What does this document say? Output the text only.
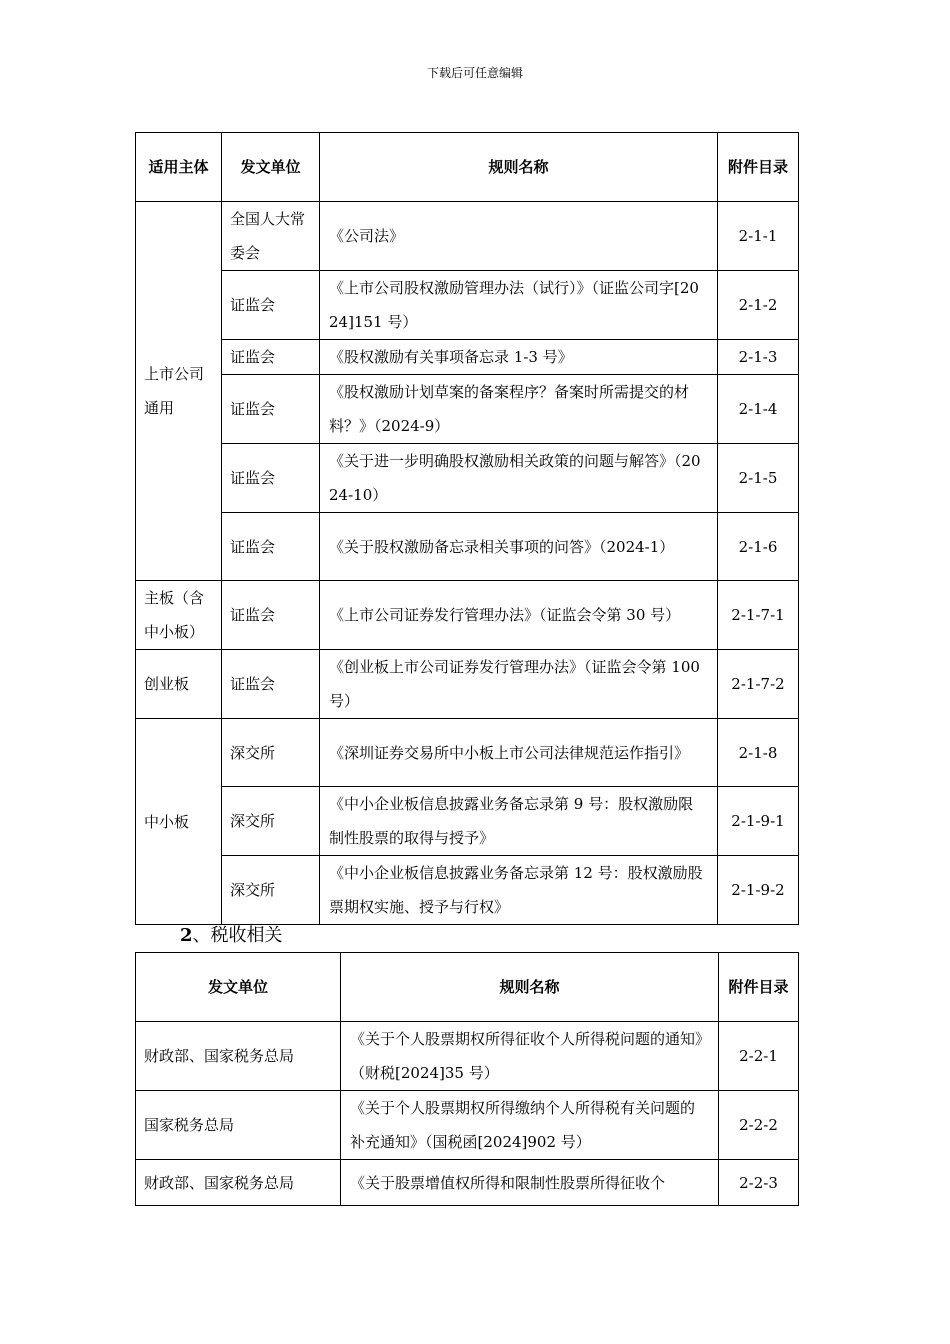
下载后可任意编辑
适用主体	发文单位	规则名称	附件目录
上市公司通用	全国人大常委会	《公司法》	2-1-1
	证监会	《上市公司股权激励管理办法（试行）》（证监公司字[2024]151 号）	2-1-2
	证监会	《股权激励有关事项备忘录 1-3 号》	2-1-3
	证监会	《股权激励计划草案的备案程序？备案时所需提交的材料？》（2024-9）	2-1-4
	证监会	《关于进一步明确股权激励相关政策的问题与解答》（2024-10）	2-1-5
	证监会	《关于股权激励备忘录相关事项的问答》（2024-1）	2-1-6
主板（含中小板）	证监会	《上市公司证券发行管理办法》（证监会令第 30 号）	2-1-7-1
创业板	证监会	《创业板上市公司证券发行管理办法》（证监会令第 100 号）	2-1-7-2
中小板	深交所	《深圳证券交易所中小板上市公司法律规范运作指引》	2-1-8
	深交所	《中小企业板信息披露业务备忘录第 9 号：股权激励限制性股票的取得与授予》	2-1-9-1
	深交所	《中小企业板信息披露业务备忘录第 12 号：股权激励股票期权实施、授予与行权》	2-1-9-2
2、税收相关
发文单位	规则名称	附件目录
财政部、国家税务总局	《关于个人股票期权所得征收个人所得税问题的通知》（财税[2024]35 号）	2-2-1
国家税务总局	《关于个人股票期权所得缴纳个人所得税有关问题的补充通知》（国税函[2024]902 号）	2-2-2
财政部、国家税务总局	《关于股票增值权所得和限制性股票所得征收个	2-2-3
